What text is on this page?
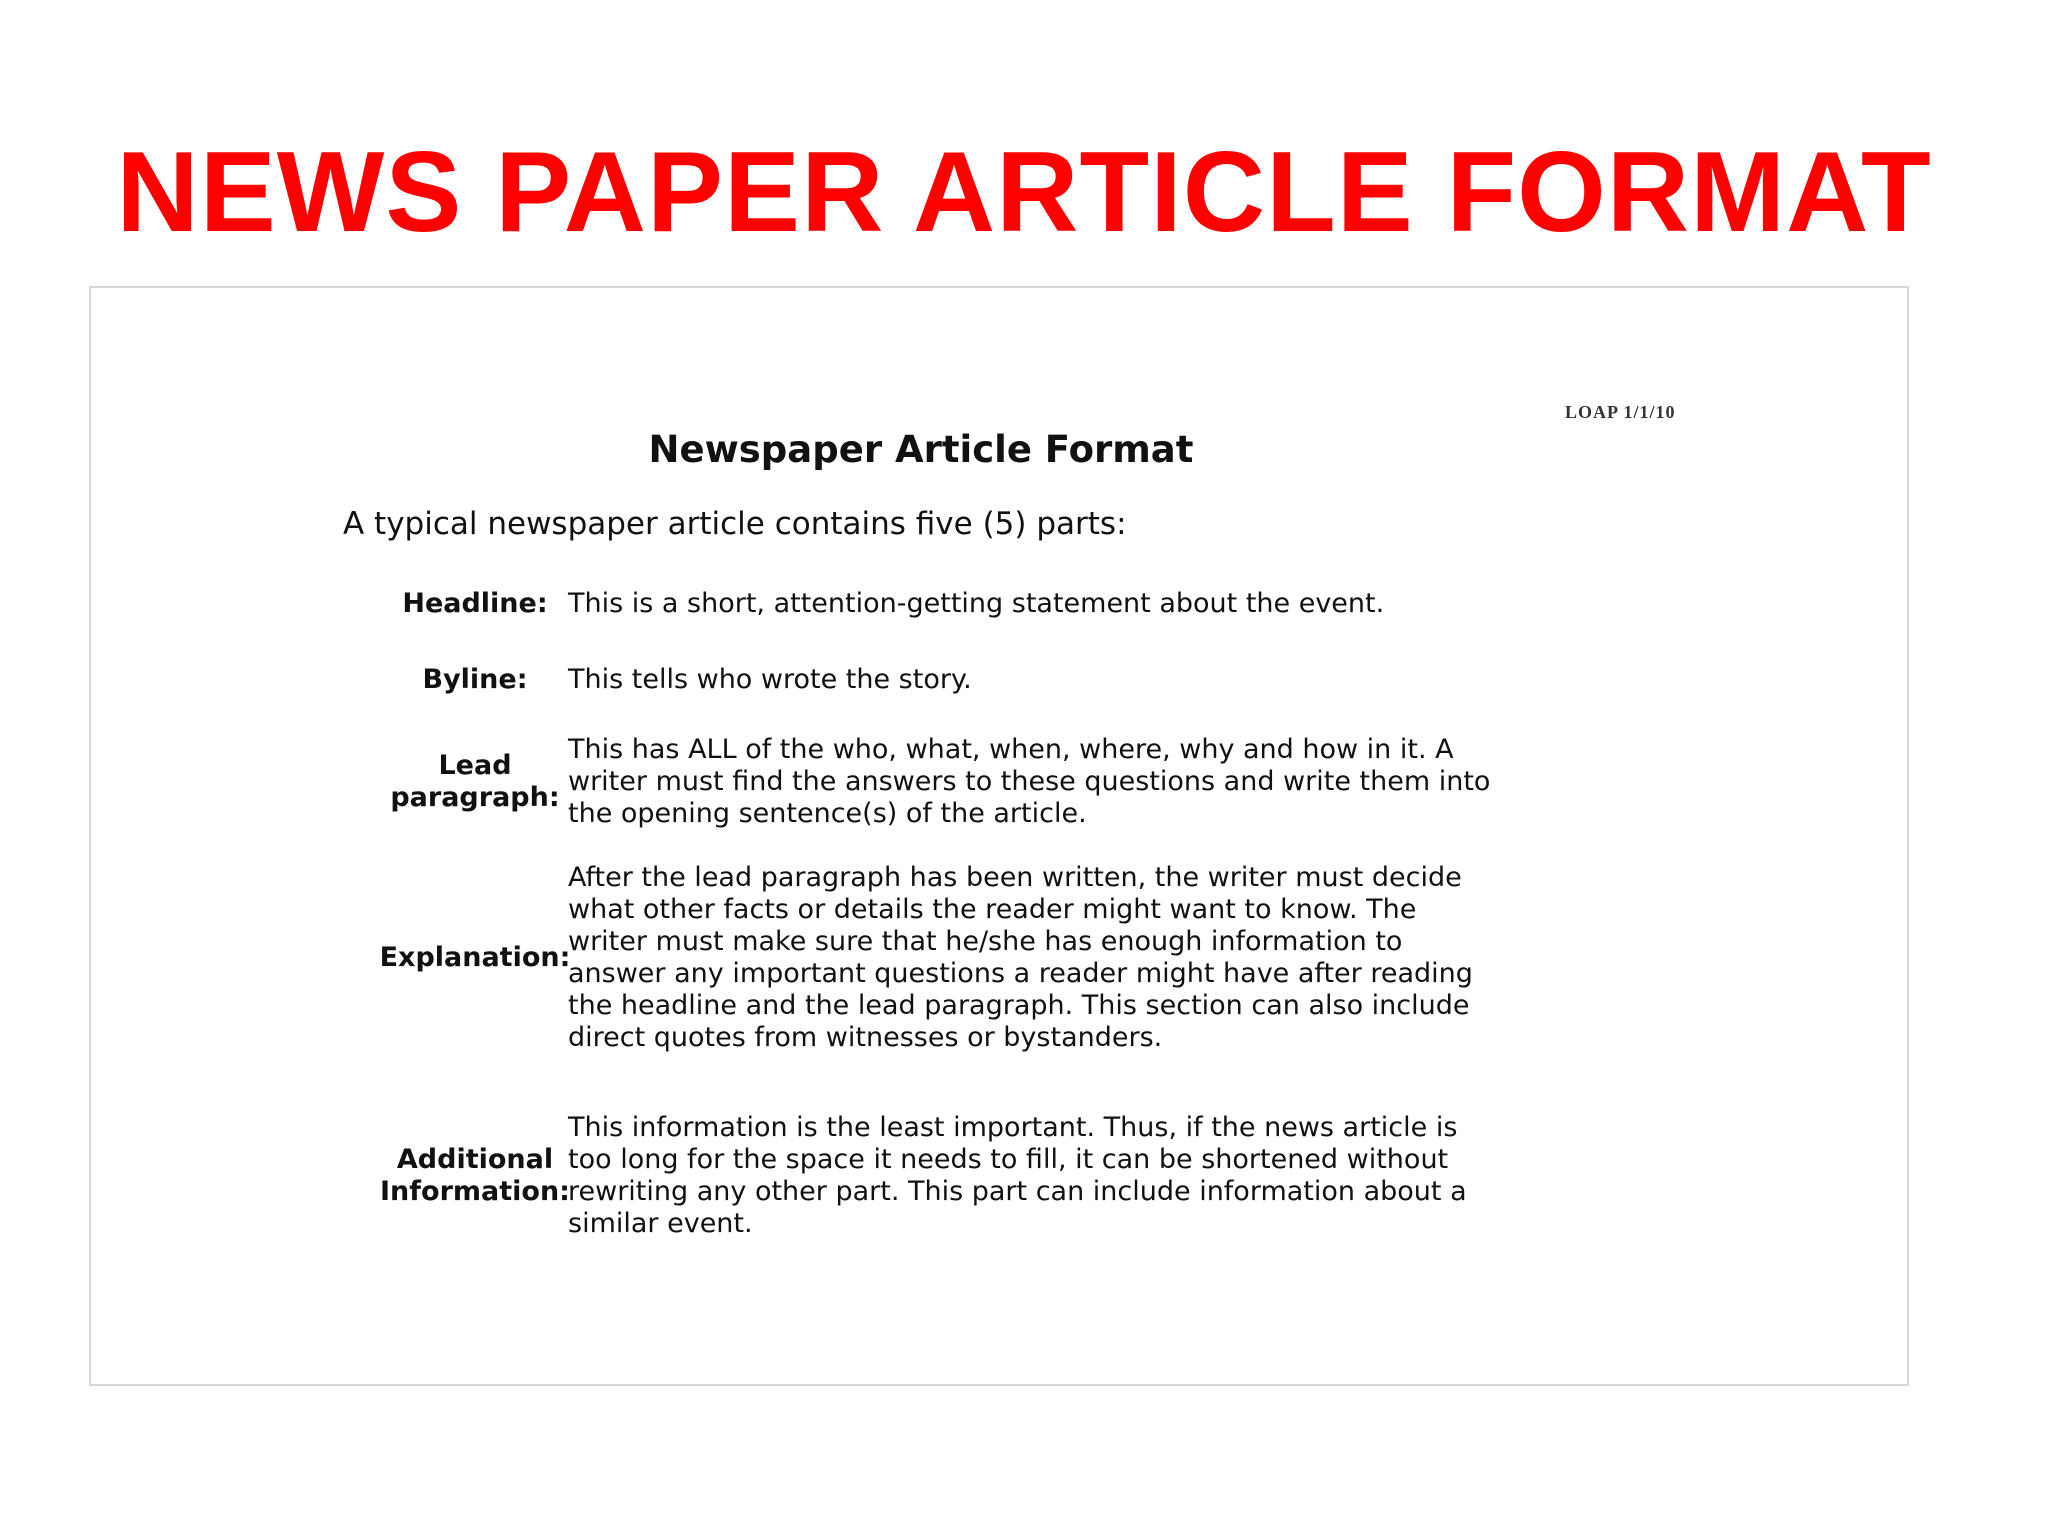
NEWS PAPER ARTICLE FORMAT
LOAP 1/1/10
Newspaper Article Format
A typical newspaper article contains five (5) parts:
Headline: This is a short, attention-getting statement about the event.
Byline:	This tells who wrote the story.
Lead
paragraph:
This has ALL of the who, what, when, where, why and how in it. A
writer must find the answers to these questions and write them into
the opening sentence(s) of the article.
Explanation:
After the lead paragraph has been written, the writer must decide
what other facts or details the reader might want to know. The
writer must make sure that he/she has enough information to
answer any important questions a reader might have after reading
the headline and the lead paragraph. This section can also include
direct quotes from witnesses or bystanders.
Additional
Information:
This information is the least important. Thus, if the news article is
too long for the space it needs to fill, it can be shortened without
rewriting any other part. This part can include information about a
similar event.
